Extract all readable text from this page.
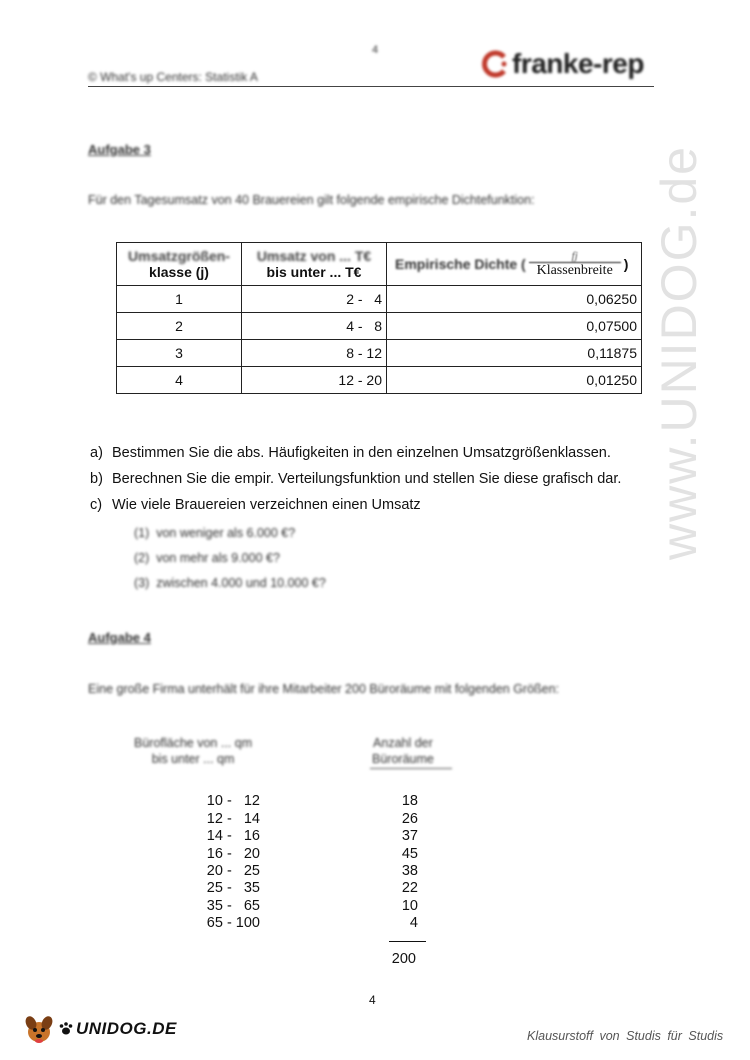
4
© What's up Centers: Statistik A	franke-rep
Aufgabe 3
Für den Tagesumsatz von 40 Brauereien gilt folgende empirische Dichtefunktion:
Umsatzgrößen-
klasse (j)	Umsatz von ... T€
bis unter ... T€	Empirische Dichte (
fj
Klassenbreite )

1	2 -   4	0,06250
2	4 -   8	0,07500
3	8 - 12	0,11875
4	12 - 20	0,01250
a) Bestimmen Sie die abs. Häufigkeiten in den einzelnen Umsatzgrößenklassen.
b) Berechnen Sie die empir. Verteilungsfunktion und stellen Sie diese grafisch dar.
c) Wie viele Brauereien verzeichnen einen Umsatz
(1)  von weniger als 6.000 €?
(2)  von mehr als 9.000 €?
(3)  zwischen 4.000 und 10.000 €?
Aufgabe 4
Eine große Firma unterhält für ihre Mitarbeiter 200 Büroräume mit folgenden Größen:
Bürofläche von ... qm
bis unter ... qm
Anzahl der
Büroräume
10 -   12	18
12 -   14	26
14 -   16	37
16 -   20	45
20 -   25	38
25 -   35	22
35 -   65	10
65 - 100	4
200
4
www.UNIDOG.de
UNIDOG.DE	Klausurstoff von Studis für Studis
